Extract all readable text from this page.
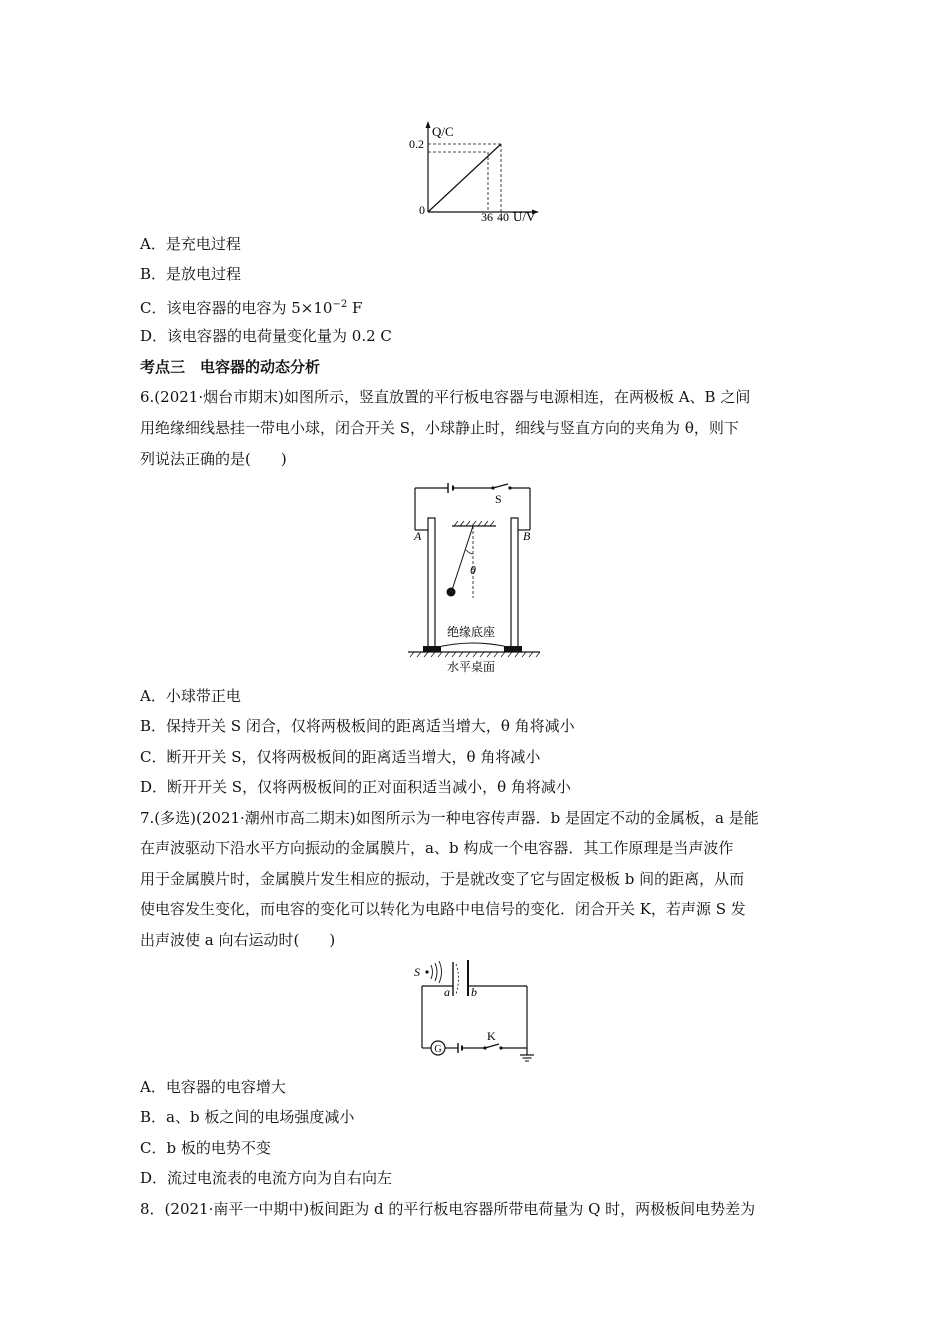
Q/C
0.2
0	36 40 U/V
A．是充电过程
B．是放电过程
C．该电容器的电容为 $5\times 10^{-2}$ F
D．该电容器的电荷量变化量为 0.2 C
考点三　电容器的动态分析
6.(2021·烟台市期末)如图所示，竖直放置的平行板电容器与电源相连，在两极板 A、B 之间
用绝缘细线悬挂一带电小球，闭合开关 S，小球静止时，细线与竖直方向的夹角为 θ，则下
列说法正确的是(　　)
S
A	B
θ
绝缘底座
水平桌面
A．小球带正电
B．保持开关 S 闭合，仅将两极板间的距离适当增大，θ 角将减小
C．断开开关 S，仅将两极板间的距离适当增大，θ 角将减小
D．断开开关 S，仅将两极板间的正对面积适当减小，θ 角将减小
7.(多选)(2021·潮州市高二期末)如图所示为一种电容传声器．b 是固定不动的金属板，a 是能
在声波驱动下沿水平方向振动的金属膜片，a、b 构成一个电容器．其工作原理是当声波作
用于金属膜片时，金属膜片发生相应的振动，于是就改变了它与固定极板 b 间的距离，从而
使电容发生变化，而电容的变化可以转化为电路中电信号的变化．闭合开关 K，若声源 S 发
出声波使 a 向右运动时(　　)
S
a b
G
K
A．电容器的电容增大
B．a、b 板之间的电场强度减小
C．b 板的电势不变
D．流过电流表的电流方向为自右向左
8．(2021·南平一中期中)板间距为 d 的平行板电容器所带电荷量为 Q 时，两极板间电势差为
